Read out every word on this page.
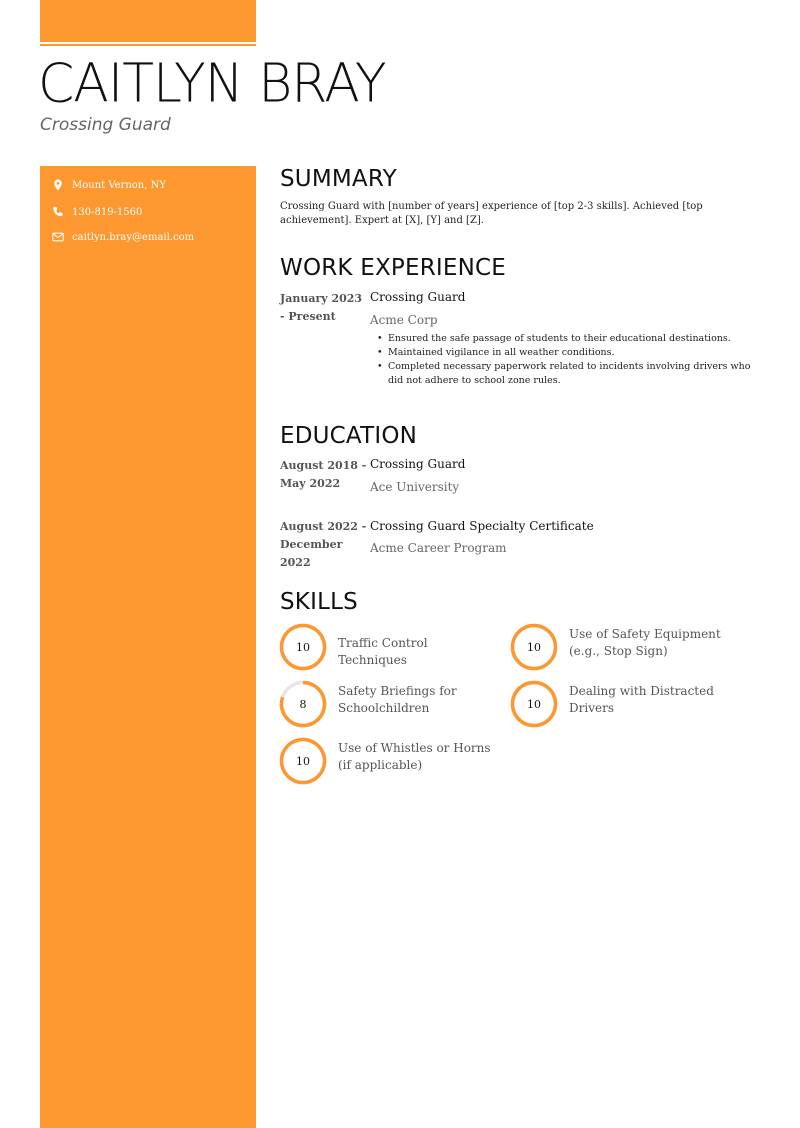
CAITLYN BRAY
Crossing Guard
Mount Vernon, NY
130-819-1560
caitlyn.bray@email.com
SUMMARY
Crossing Guard with [number of years] experience of [top 2-3 skills]. Achieved [top achievement]. Expert at [X], [Y] and [Z].
WORK EXPERIENCE
January 2023 - Present
Crossing Guard
Acme Corp
• Ensured the safe passage of students to their educational destinations.
• Maintained vigilance in all weather conditions.
• Completed necessary paperwork related to incidents involving drivers who did not adhere to school zone rules.
EDUCATION
August 2018 - May 2022
Crossing Guard
Ace University
August 2022 - December 2022
Crossing Guard Specialty Certificate
Acme Career Program
SKILLS
10	Traffic Control Techniques
10
Use of Safety Equipment (e.g., Stop Sign)
8
Safety Briefings for Schoolchildren	10
Dealing with Distracted Drivers
10
Use of Whistles or Horns (if applicable)
